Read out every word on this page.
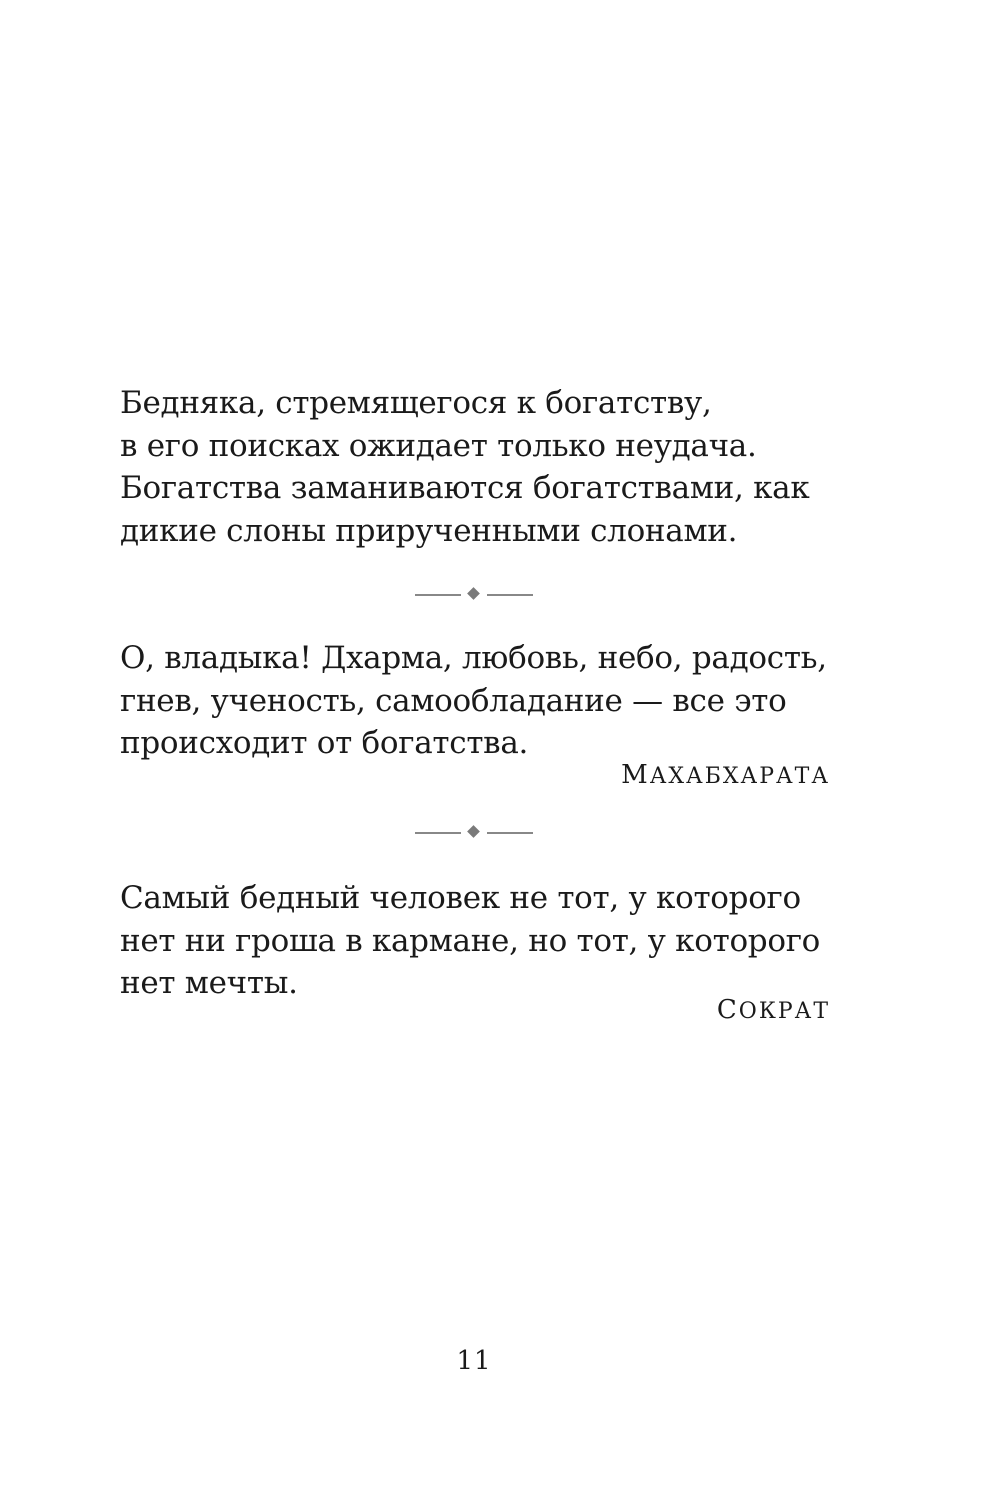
Бедняка, стремящегося к богатству,
в его поисках ожидает только неудача.
Богатства заманиваются богатствами, как
дикие слоны прирученными слонами.
О, владыка! Дхарма, любовь, небо, радость,
гнев, ученость, самообладание — все это
происходит от богатства.
МАХАБХАРАТА
Самый бедный человек не тот, у которого
нет ни гроша в кармане, но тот, у которого
нет мечты.
СОКРАТ
11
